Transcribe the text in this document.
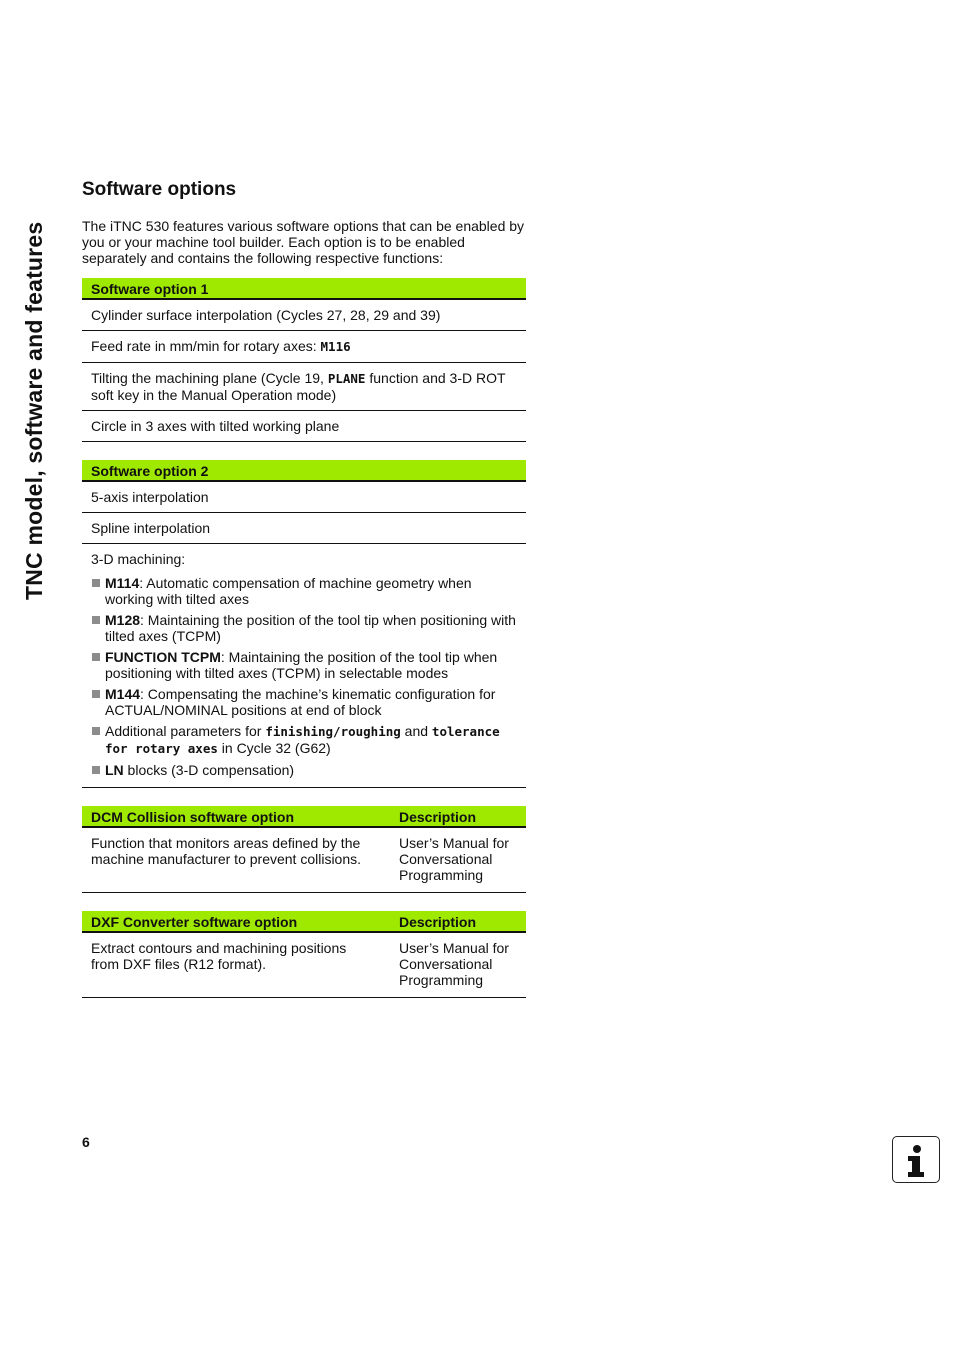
TNC model, software and features
Software options

The iTNC 530 features various software options that can be enabled by you or your machine tool builder. Each option is to be enabled separately and contains the following respective functions:

Software option 1
Cylinder surface interpolation (Cycles 27, 28, 29 and 39)
Feed rate in mm/min for rotary axes: M116
Tilting the machining plane (Cycle 19, PLANE function and 3-D ROT soft key in the Manual Operation mode)
Circle in 3 axes with tilted working plane
Software option 2
5-axis interpolation
Spline interpolation

3-D machining:
M114: Automatic compensation of machine geometry when working with tilted axes
M128: Maintaining the position of the tool tip when positioning with tilted axes (TCPM)
FUNCTION TCPM: Maintaining the position of the tool tip when positioning with tilted axes (TCPM) in selectable modes
M144: Compensating the machine’s kinematic configuration for ACTUAL/NOMINAL positions at end of block
Additional parameters for finishing/roughing and tolerance for rotary axes in Cycle 32 (G62)
LN blocks (3-D compensation)
DCM Collision software option	Description
Function that monitors areas defined by the machine manufacturer to prevent collisions.	User’s Manual for Conversational Programming
DXF Converter software option	Description
Extract contours and machining positions from DXF files (R12 format).	User’s Manual for Conversational Programming
6
